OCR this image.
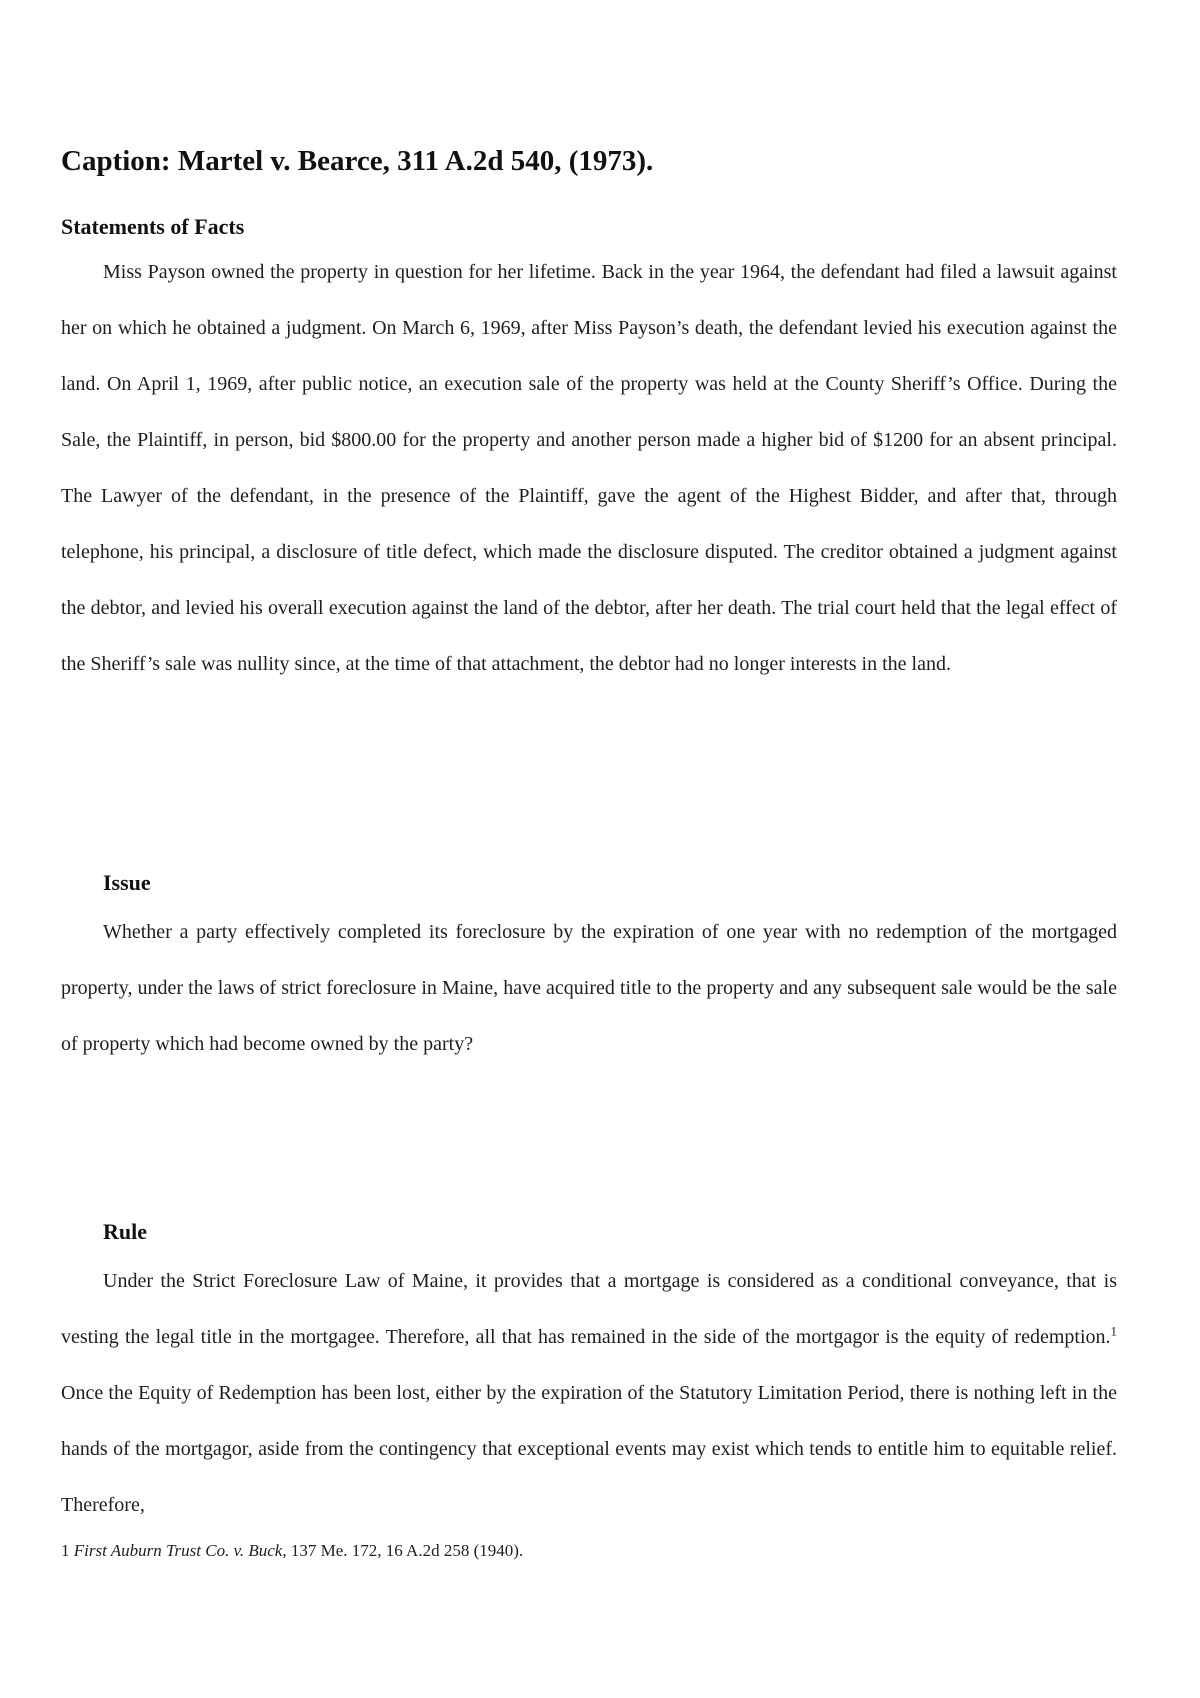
Caption: Martel v. Bearce, 311 A.2d 540, (1973).
Statements of Facts

Miss Payson owned the property in question for her lifetime. Back in the year 1964, the defendant had filed a lawsuit against her on which he obtained a judgment. On March 6, 1969, after Miss Payson’s death, the defendant levied his execution against the land. On April 1, 1969, after public notice, an execution sale of the property was held at the County Sheriff’s Office. During the Sale, the Plaintiff, in person, bid $800.00 for the property and another person made a higher bid of $1200 for an absent principal. The Lawyer of the defendant, in the presence of the Plaintiff, gave the agent of the Highest Bidder, and after that, through telephone, his principal, a disclosure of title defect, which made the disclosure disputed. The creditor obtained a judgment against the debtor, and levied his overall execution against the land of the debtor, after her death. The trial court held that the legal effect of the Sheriff’s sale was nullity since, at the time of that attachment, the debtor had no longer interests in the land.

Issue

Whether a party effectively completed its foreclosure by the expiration of one year with no redemption of the mortgaged property, under the laws of strict foreclosure in Maine, have acquired title to the property and any subsequent sale would be the sale of property which had become owned by the party?

Rule

Under the Strict Foreclosure Law of Maine, it provides that a mortgage is considered as a conditional conveyance, that is vesting the legal title in the mortgagee. Therefore, all that has remained in the side of the mortgagor is the equity of redemption.$^1$ Once the Equity of Redemption has been lost, either by the expiration of the Statutory Limitation Period, there is nothing left in the hands of the mortgagor, aside from the contingency that exceptional events may exist which tends to entitle him to equitable relief. Therefore,

1 First Auburn Trust Co. v. Buck, 137 Me. 172, 16 A.2d 258 (1940).
